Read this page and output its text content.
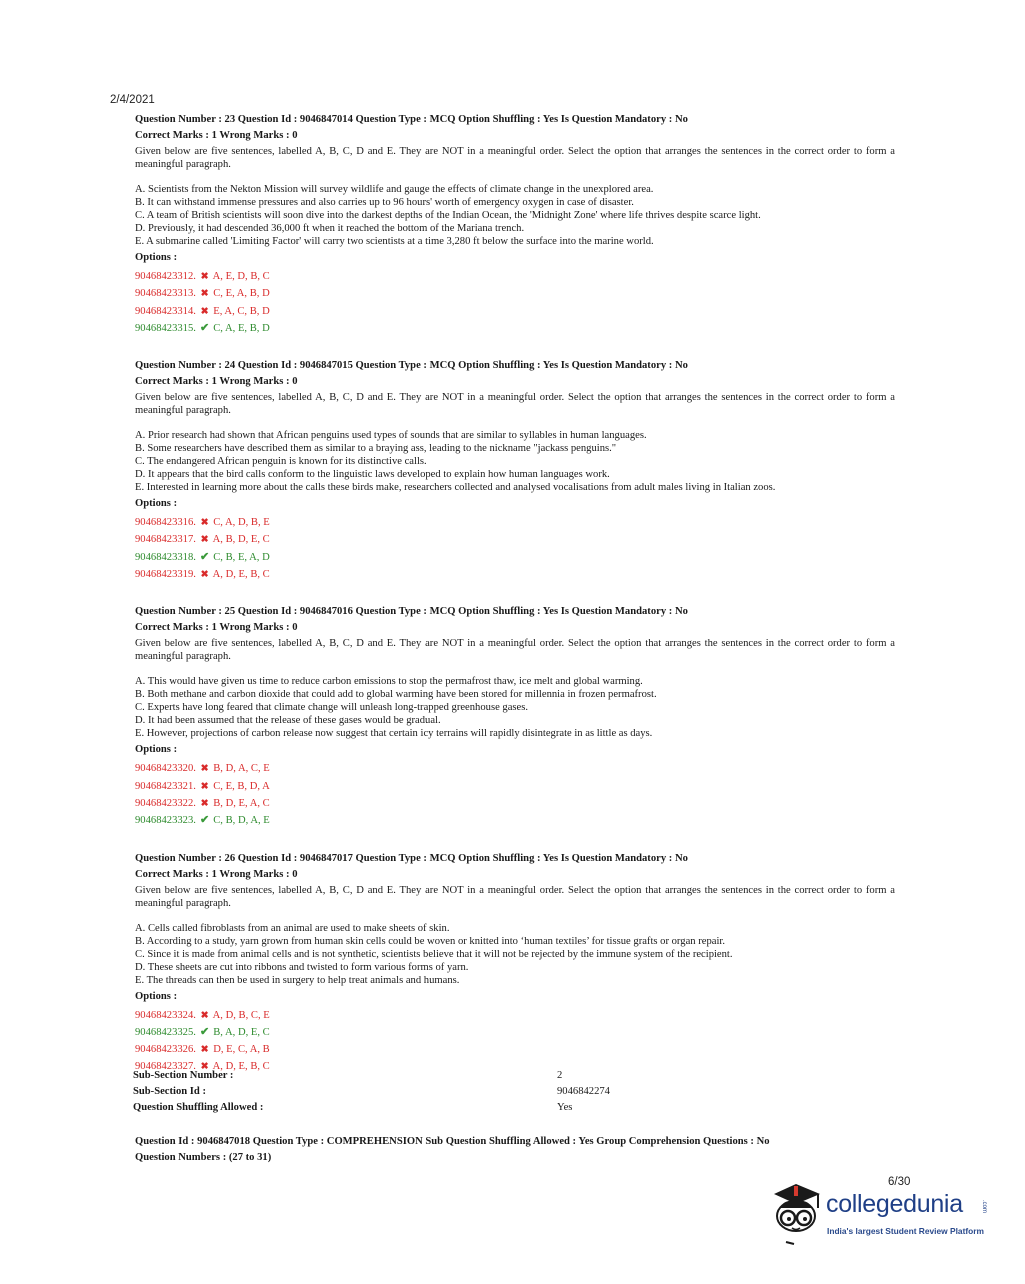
2/4/2021
Question Number : 23 Question Id : 9046847014 Question Type : MCQ Option Shuffling : Yes Is Question Mandatory : No
Correct Marks : 1 Wrong Marks : 0
Given below are five sentences, labelled A, B, C, D and E. They are NOT in a meaningful order. Select the option that arranges the sentences in the correct order to form a meaningful paragraph.
A. Scientists from the Nekton Mission will survey wildlife and gauge the effects of climate change in the unexplored area.
B. It can withstand immense pressures and also carries up to 96 hours' worth of emergency oxygen in case of disaster.
C. A team of British scientists will soon dive into the darkest depths of the Indian Ocean, the 'Midnight Zone' where life thrives despite scarce light.
D. Previously, it had descended 36,000 ft when it reached the bottom of the Mariana trench.
E. A submarine called 'Limiting Factor' will carry two scientists at a time 3,280 ft below the surface into the marine world.
Options :
90468423312. ✖ A, E, D, B, C
90468423313. ✖ C, E, A, B, D
90468423314. ✖ E, A, C, B, D
90468423315. ✔ C, A, E, B, D
Question Number : 24 Question Id : 9046847015 Question Type : MCQ Option Shuffling : Yes Is Question Mandatory : No
Correct Marks : 1 Wrong Marks : 0
Given below are five sentences, labelled A, B, C, D and E. They are NOT in a meaningful order. Select the option that arranges the sentences in the correct order to form a meaningful paragraph.
A. Prior research had shown that African penguins used types of sounds that are similar to syllables in human languages.
B. Some researchers have described them as similar to a braying ass, leading to the nickname "jackass penguins."
C. The endangered African penguin is known for its distinctive calls.
D. It appears that the bird calls conform to the linguistic laws developed to explain how human languages work.
E. Interested in learning more about the calls these birds make, researchers collected and analysed vocalisations from adult males living in Italian zoos.
Options :
90468423316. ✖ C, A, D, B, E
90468423317. ✖ A, B, D, E, C
90468423318. ✔ C, B, E, A, D
90468423319. ✖ A, D, E, B, C
Question Number : 25 Question Id : 9046847016 Question Type : MCQ Option Shuffling : Yes Is Question Mandatory : No
Correct Marks : 1 Wrong Marks : 0
Given below are five sentences, labelled A, B, C, D and E. They are NOT in a meaningful order. Select the option that arranges the sentences in the correct order to form a meaningful paragraph.
A. This would have given us time to reduce carbon emissions to stop the permafrost thaw, ice melt and global warming.
B. Both methane and carbon dioxide that could add to global warming have been stored for millennia in frozen permafrost.
C. Experts have long feared that climate change will unleash long-trapped greenhouse gases.
D. It had been assumed that the release of these gases would be gradual.
E. However, projections of carbon release now suggest that certain icy terrains will rapidly disintegrate in as little as days.
Options :
90468423320. ✖ B, D, A, C, E
90468423321. ✖ C, E, B, D, A
90468423322. ✖ B, D, E, A, C
90468423323. ✔ C, B, D, A, E
Question Number : 26 Question Id : 9046847017 Question Type : MCQ Option Shuffling : Yes Is Question Mandatory : No
Correct Marks : 1 Wrong Marks : 0
Given below are five sentences, labelled A, B, C, D and E. They are NOT in a meaningful order. Select the option that arranges the sentences in the correct order to form a meaningful paragraph.
A. Cells called fibroblasts from an animal are used to make sheets of skin.
B. According to a study, yarn grown from human skin cells could be woven or knitted into ‘human textiles’ for tissue grafts or organ repair.
C. Since it is made from animal cells and is not synthetic, scientists believe that it will not be rejected by the immune system of the recipient.
D. These sheets are cut into ribbons and twisted to form various forms of yarn.
E. The threads can then be used in surgery to help treat animals and humans.
Options :
90468423324. ✖ A, D, B, C, E
90468423325. ✔ B, A, D, E, C
90468423326. ✖ D, E, C, A, B
90468423327. ✖ A, D, E, B, C
Sub-Section Number :	2
Sub-Section Id :	9046842274
Question Shuffling Allowed :	Yes
Question Id : 9046847018 Question Type : COMPREHENSION Sub Question Shuffling Allowed : Yes Group Comprehension Questions : No
Question Numbers : (27 to 31)
6/30
collegedunia	.com
India's largest Student Review Platform
